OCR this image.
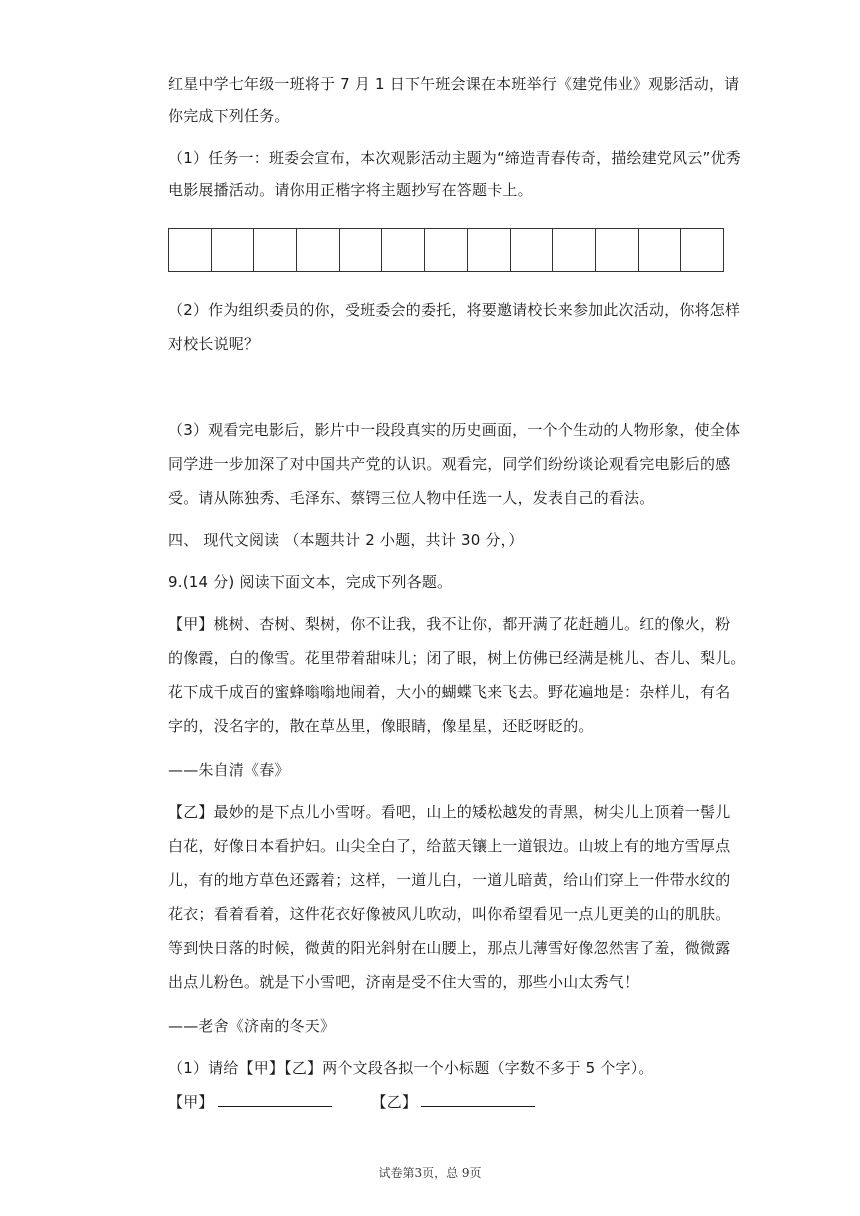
红星中学七年级一班将于 7 月 1 日下午班会课在本班举行《建党伟业》观影活动，请
你完成下列任务。
（1）任务一：班委会宣布，本次观影活动主题为“缔造青春传奇，描绘建党风云”优秀
电影展播活动。请你用正楷字将主题抄写在答题卡上。
（2）作为组织委员的你，受班委会的委托，将要邀请校长来参加此次活动，你将怎样
对校长说呢？
（3）观看完电影后，影片中一段段真实的历史画面，一个个生动的人物形象，使全体
同学进一步加深了对中国共产党的认识。观看完，同学们纷纷谈论观看完电影后的感
受。请从陈独秀、毛泽东、蔡锷三位人物中任选一人，发表自己的看法。
四、 现代文阅读 （本题共计 2 小题，共计 30 分，）
9.(14 分) 阅读下面文本，完成下列各题。
【甲】桃树、杏树、梨树，你不让我，我不让你，都开满了花赶趟儿。红的像火，粉
的像霞，白的像雪。花里带着甜味儿；闭了眼，树上仿佛已经满是桃儿、杏儿、梨儿。
花下成千成百的蜜蜂嗡嗡地闹着，大小的蝴蝶飞来飞去。野花遍地是：杂样儿，有名
字的，没名字的，散在草丛里，像眼睛，像星星，还眨呀眨的。
——朱自清《春》
【乙】最妙的是下点儿小雪呀。看吧，山上的矮松越发的青黑，树尖儿上顶着一髻儿
白花，好像日本看护妇。山尖全白了，给蓝天镶上一道银边。山坡上有的地方雪厚点
儿，有的地方草色还露着；这样，一道儿白，一道儿暗黄，给山们穿上一件带水纹的
花衣；看着看着，这件花衣好像被风儿吹动，叫你希望看见一点儿更美的山的肌肤。
等到快日落的时候，微黄的阳光斜射在山腰上，那点儿薄雪好像忽然害了羞，微微露
出点儿粉色。就是下小雪吧，济南是受不住大雪的，那些小山太秀气！
——老舍《济南的冬天》
（1）请给【甲】【乙】两个文段各拟一个小标题（字数不多于 5 个字）。
【甲】	【乙】
试卷第3页，总 9页
